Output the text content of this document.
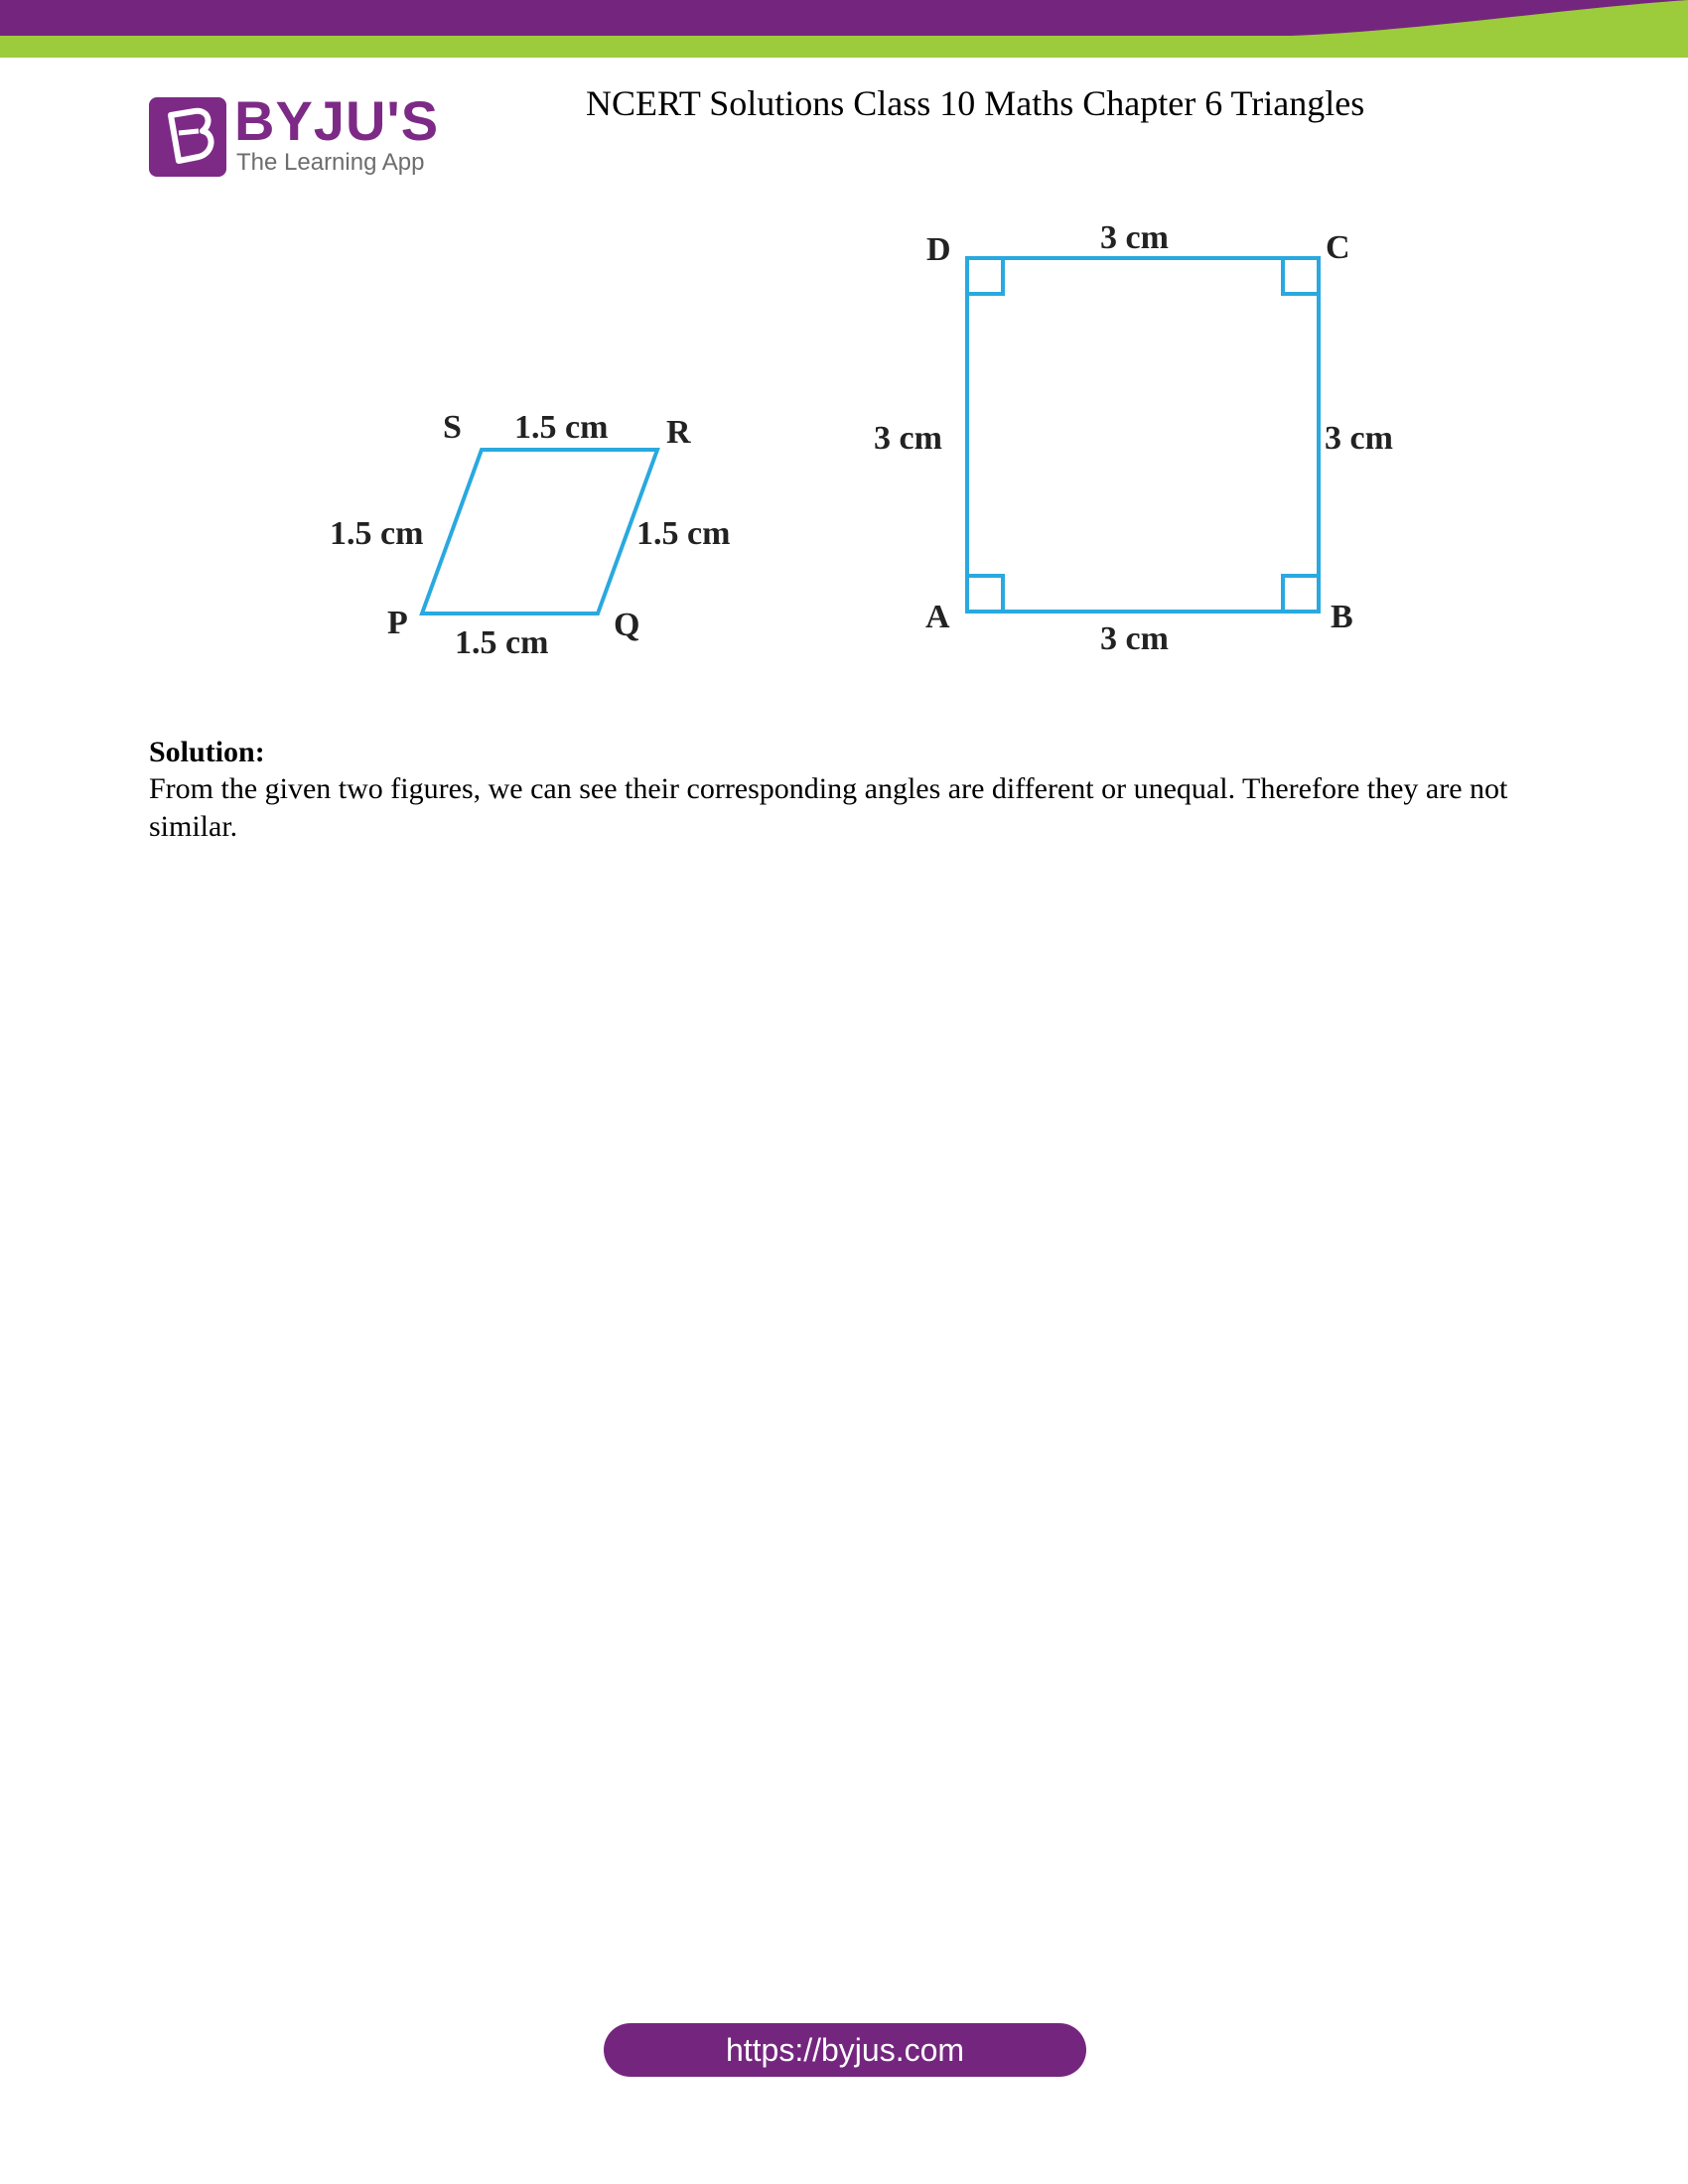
BYJU'S
The Learning App
NCERT Solutions Class 10 Maths Chapter 6 Triangles
S	R
P	Q
1.5 cm
1.5 cm	1.5 cm
1.5 cm
D	C
A	B
3 cm
3 cm
3 cm	3 cm
Solution:
From the given two figures, we can see their corresponding angles are different or unequal. Therefore they are not similar.
https://byjus.com
